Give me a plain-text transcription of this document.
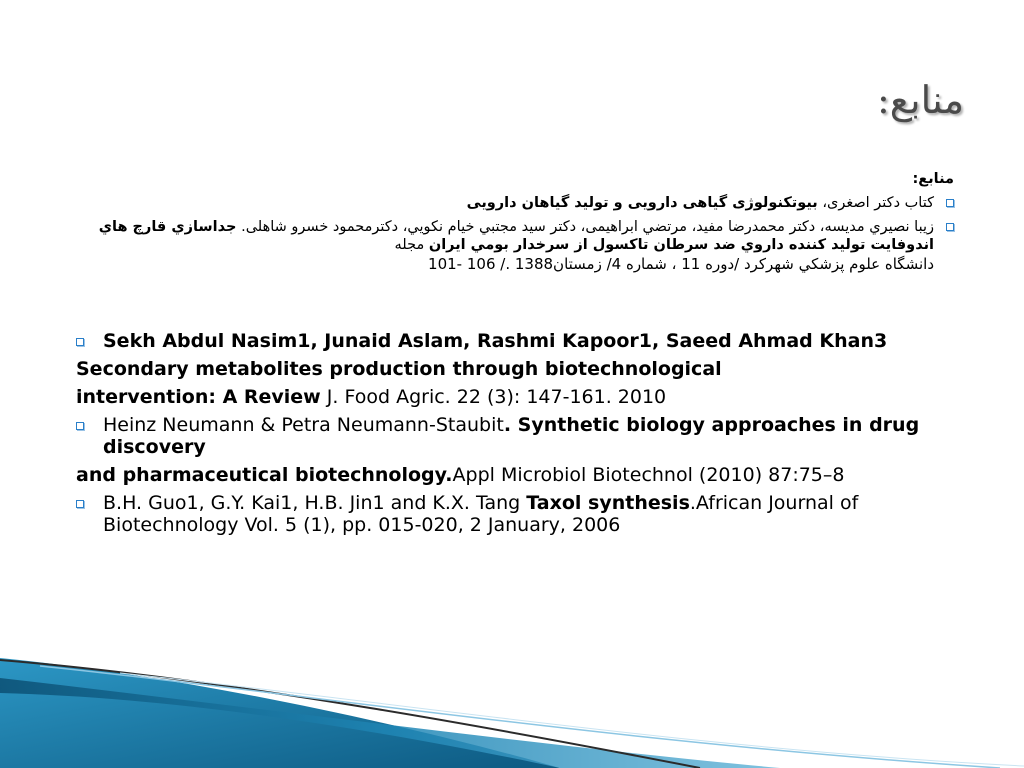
منابع:
منابع:
کتاب دکتر اصغری، بیوتکنولوژی گیاهی دارویی و تولید گیاهان دارویی
زيبا نصيري مديسه، دکتر محمدرضا مفيد، مرتضي ابراهيمی، دکتر سيد مجتبي خيام نکويي، دکترمحمود خسرو شاهلی. جداسازي قارچ هاي اندوفايت توليد کننده داروي ضد سرطان تاکسول از سرخدار بومي ايران مجله
دانشگاه علوم پزشکي شهرکرد /دوره 11 ، شماره 4/ زمستان1388 ./ 106 -101
Sekh Abdul Nasim1, Junaid Aslam, Rashmi Kapoor1, Saeed Ahmad Khan3
Secondary metabolites production through biotechnological
intervention: A Review J. Food Agric. 22 (3): 147-161. 2010
Heinz Neumann & Petra Neumann-Staubit. Synthetic biology approaches in drug discovery
and pharmaceutical biotechnology.Appl Microbiol Biotechnol (2010) 87:75–8
B.H. Guo1, G.Y. Kai1, H.B. Jin1 and K.X. Tang Taxol synthesis.African Journal of Biotechnology Vol. 5 (1), pp. 015-020, 2 January, 2006
